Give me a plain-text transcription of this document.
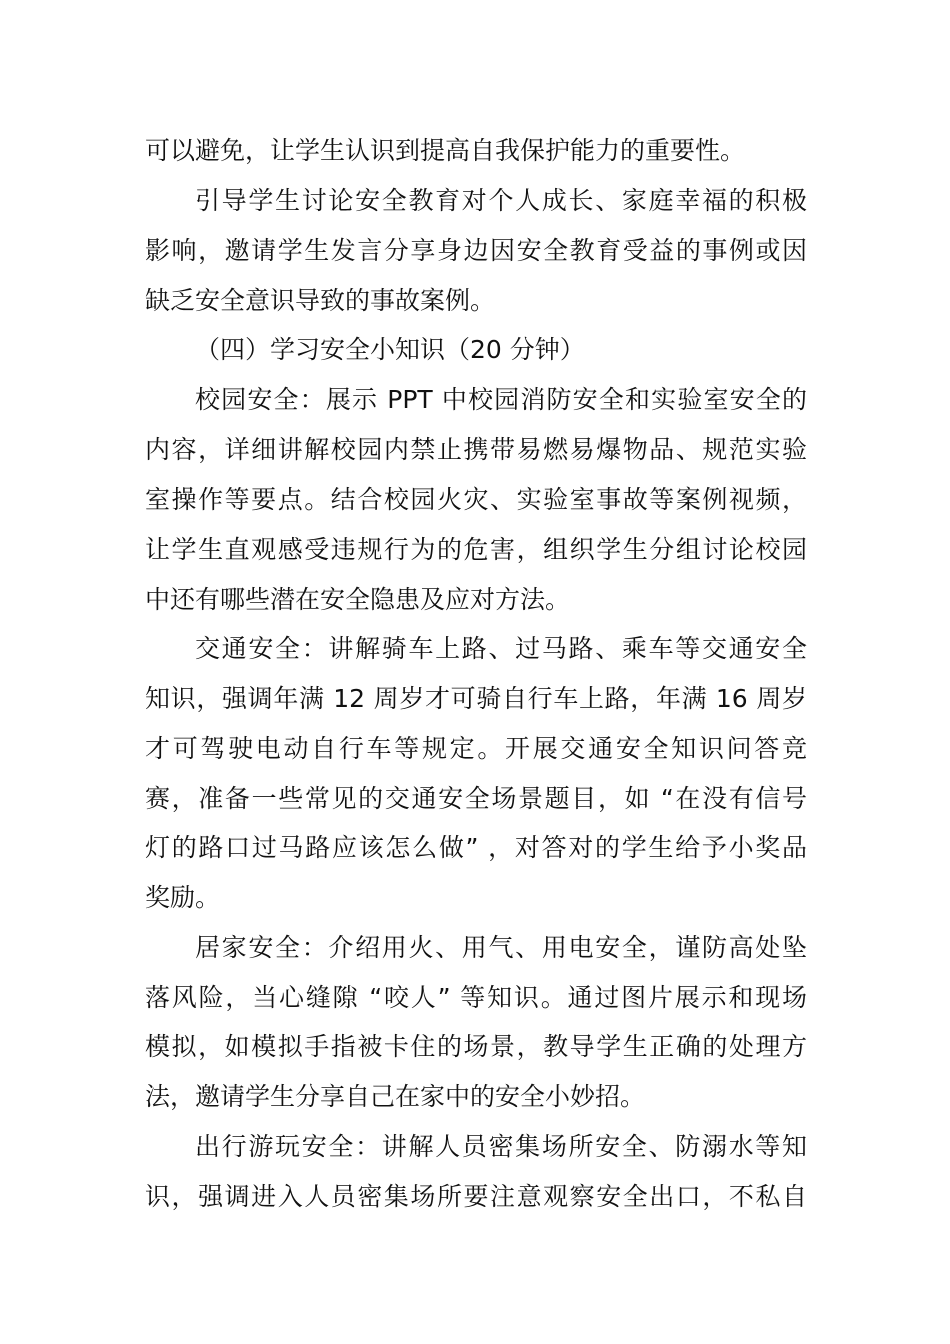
可以避免，让学生认识到提高自我保护能力的重要性。
引导学生讨论安全教育对个人成长、家庭幸福的积极
影响，邀请学生发言分享身边因安全教育受益的事例或因
缺乏安全意识导致的事故案例。
（四）学习安全小知识（20 分钟）
校园安全：展示 PPT 中校园消防安全和实验室安全的
内容，详细讲解校园内禁止携带易燃易爆物品、规范实验
室操作等要点。结合校园火灾、实验室事故等案例视频，
让学生直观感受违规行为的危害，组织学生分组讨论校园
中还有哪些潜在安全隐患及应对方法。
交通安全：讲解骑车上路、过马路、乘车等交通安全
知识，强调年满 12 周岁才可骑自行车上路，年满 16 周岁
才可驾驶电动自行车等规定。开展交通安全知识问答竞
赛，准备一些常见的交通安全场景题目，如 “在没有信号
灯的路口过马路应该怎么做” ，对答对的学生给予小奖品
奖励。
居家安全：介绍用火、用气、用电安全，谨防高处坠
落风险，当心缝隙 “咬人” 等知识。通过图片展示和现场
模拟，如模拟手指被卡住的场景，教导学生正确的处理方
法，邀请学生分享自己在家中的安全小妙招。
出行游玩安全：讲解人员密集场所安全、防溺水等知
识，强调进入人员密集场所要注意观察安全出口，不私自
